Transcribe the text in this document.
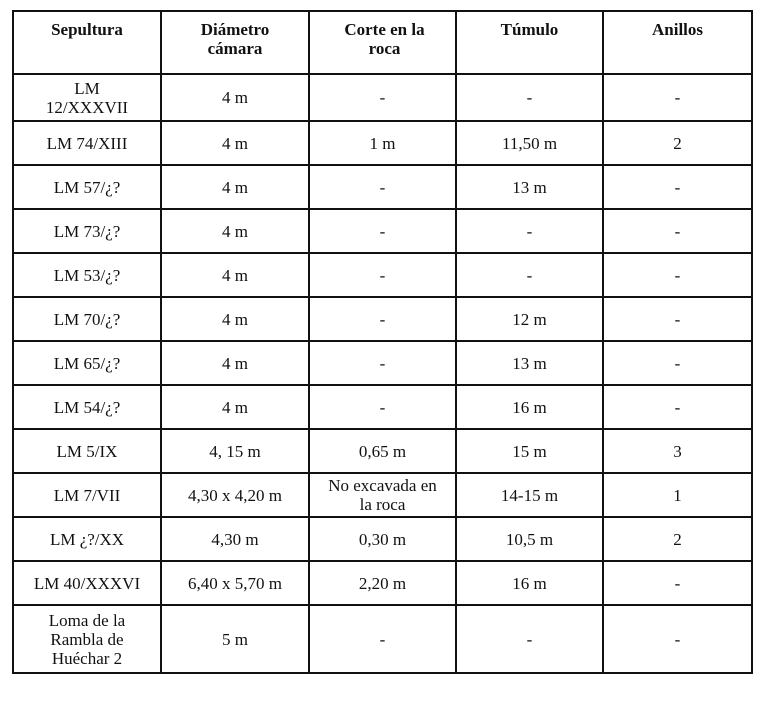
Sepultura	Diámetro cámara	Corte en la roca	Túmulo	Anillos
LM 12/XXXVII	4 m	-	-	-
LM 74/XIII	4 m	1 m	11,50 m	2
LM 57/¿?	4 m	-	13 m	-
LM 73/¿?	4 m	-	-	-
LM 53/¿?	4 m	-	-	-
LM 70/¿?	4 m	-	12 m	-
LM 65/¿?	4 m	-	13 m	-
LM 54/¿?	4 m	-	16 m	-
LM 5/IX	4, 15 m	0,65 m	15 m	3
LM 7/VII	4,30 x 4,20 m	No excavada en la roca	14-15 m	1
LM ¿?/XX	4,30 m	0,30 m	10,5 m	2
LM 40/XXXVI	6,40 x 5,70 m	2,20 m	16 m	-
Loma de la Rambla de Huéchar 2	5 m	-	-	-
